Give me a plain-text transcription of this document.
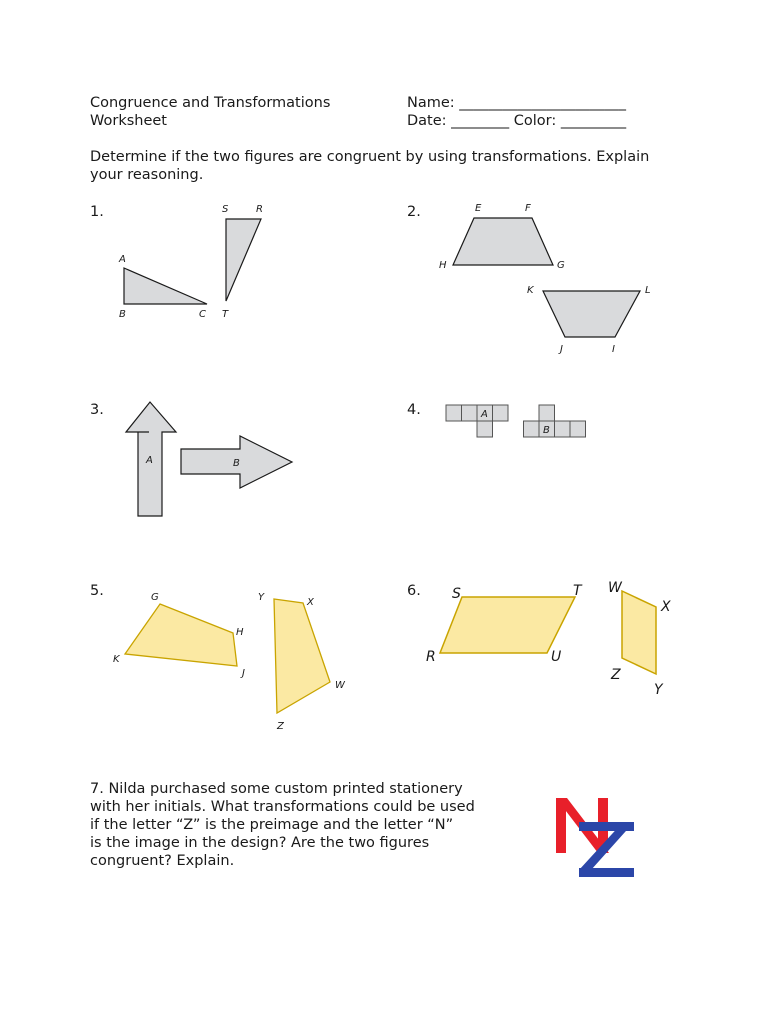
Congruence and Transformations
Worksheet
Name: _______________________
Date: ________ Color: _________
Determine if the two figures are congruent by using transformations. Explain
your reasoning.
1.	2.
3.	4.
5.	6.
A
B	C
S	R
T
E	F
G
H
K	L
J	I
A	B
A
B
G
H
J
K
Y	X
W
Z
S	T
U
R
W
X
Z
Y
7. Nilda purchased some custom printed stationery
with her initials. What transformations could be used
if the letter “Z” is the preimage and the letter “N”
is the image in the design? Are the two figures
congruent? Explain.
